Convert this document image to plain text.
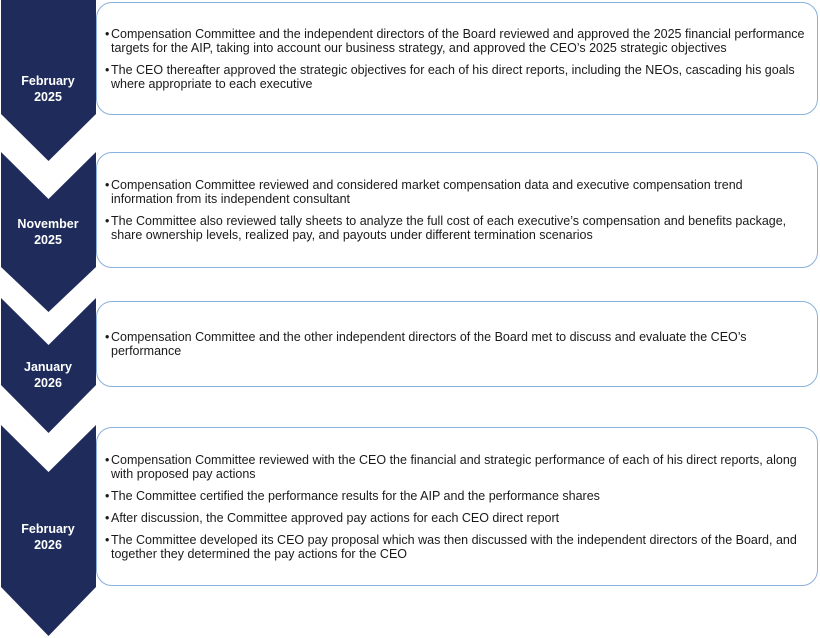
February
2025
• Compensation Committee and the independent directors of the Board reviewed and approved the 2025 financial performance targets for the AIP, taking into account our business strategy, and approved the CEO’s 2025 strategic objectives
• The CEO thereafter approved the strategic objectives for each of his direct reports, including the NEOs, cascading his goals where appropriate to each executive
November
2025
• Compensation Committee reviewed and considered market compensation data and executive compensation trend information from its independent consultant
• The Committee also reviewed tally sheets to analyze the full cost of each executive’s compensation and benefits package, share ownership levels, realized pay, and payouts under different termination scenarios
January
2026
• Compensation Committee and the other independent directors of the Board met to discuss and evaluate the CEO’s performance
February
2026
• Compensation Committee reviewed with the CEO the financial and strategic performance of each of his direct reports, along with proposed pay actions
• The Committee certified the performance results for the AIP and the performance shares
• After discussion, the Committee approved pay actions for each CEO direct report
• The Committee developed its CEO pay proposal which was then discussed with the independent directors of the Board, and together they determined the pay actions for the CEO
